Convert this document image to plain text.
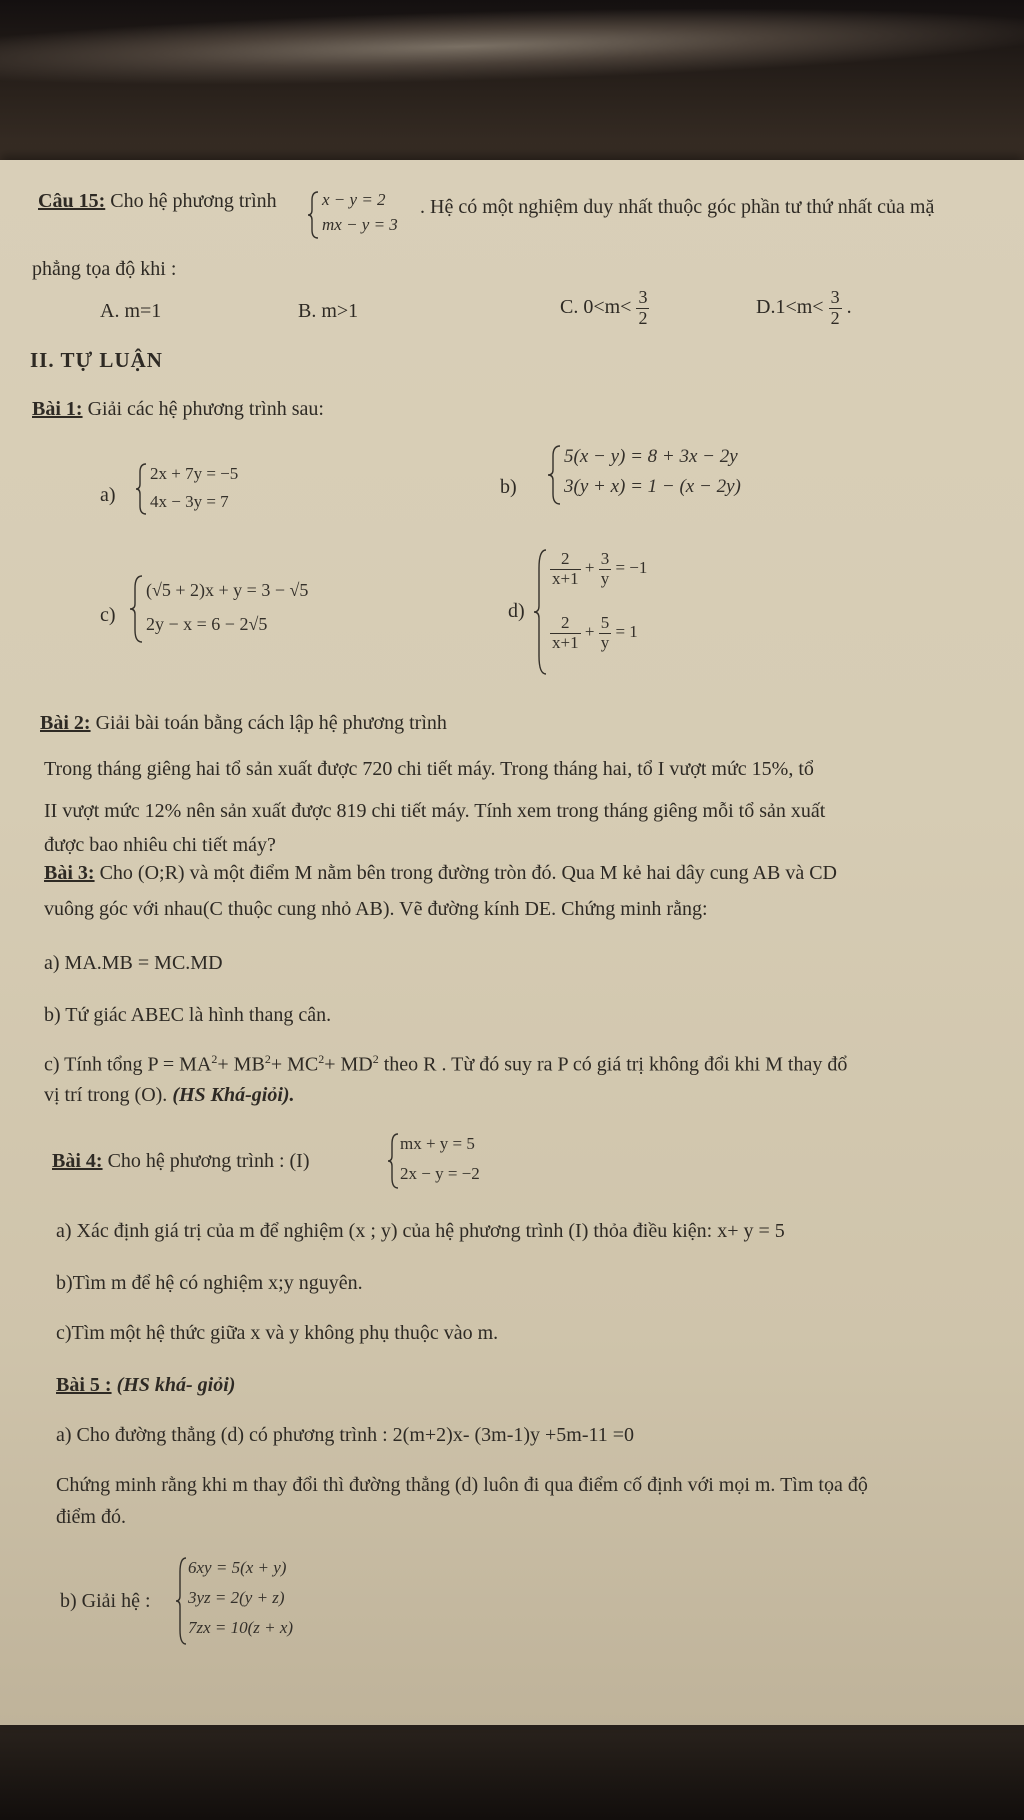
Câu 15: Cho hệ phương trình	x − y = 2
mx − y = 3
. Hệ có một nghiệm duy nhất thuộc góc phần tư thứ nhất của mặ
phẳng tọa độ khi :
A. m=1	B. m>1	C. $0<m< \frac{3}{2}$	$D.1<m< \frac{3}{2}$ .
II. TỰ LUẬN
Bài 1: Giải các hệ phương trình sau:
a)
2x + 7y = −5
4x − 3y = 7
b)
5(x − y) = 8 + 3x − 2y
3(y + x) = 1 − (x − 2y)
c)
(√5 + 2)x + y = 3 − √5
2y − x = 6 − 2√5
d)
$\frac{2}{x+1} + \frac{3}{y} = -1$
$\frac{2}{x+1} + \frac{5}{y} = 1$
Bài 2: Giải bài toán bằng cách lập hệ phương trình
Trong tháng giêng hai tổ sản xuất được 720 chi tiết máy. Trong tháng hai, tổ I vượt mức 15%, tổ
II vượt mức 12% nên sản xuất được 819 chi tiết máy. Tính xem trong tháng giêng mỗi tổ sản xuất
được bao nhiêu chi tiết máy?
Bài 3: Cho (O;R) và một điểm M nằm bên trong đường tròn đó. Qua M kẻ hai dây cung AB và CD
vuông góc với nhau(C thuộc cung nhỏ AB). Vẽ đường kính DE. Chứng minh rằng:
a) MA.MB = MC.MD
b) Tứ giác ABEC là hình thang cân.
c) Tính tổng $P = MA^2+ MB^2+ MC^2+ MD^2$ theo R . Từ đó suy ra P có giá trị không đổi khi M thay đổ
vị trí trong (O). (HS Khá-giỏi).
Bài 4: Cho hệ phương trình : (I)
mx + y = 5
2x − y = −2
a) Xác định giá trị của m để nghiệm (x ; y) của hệ phương trình (I) thỏa điều kiện: x+ y = 5
b)Tìm m để hệ có nghiệm x;y nguyên.
c)Tìm một hệ thức giữa x và y không phụ thuộc vào m.
Bài 5 : (HS khá- giỏi)
a) Cho đường thẳng (d) có phương trình : 2(m+2)x- (3m-1)y +5m-11 =0
Chứng minh rằng khi m thay đổi thì đường thẳng (d) luôn đi qua điểm cố định với mọi m. Tìm tọa độ
điểm đó.
b) Giải hệ :
6xy = 5(x + y)
3yz = 2(y + z)
7zx = 10(z + x)
